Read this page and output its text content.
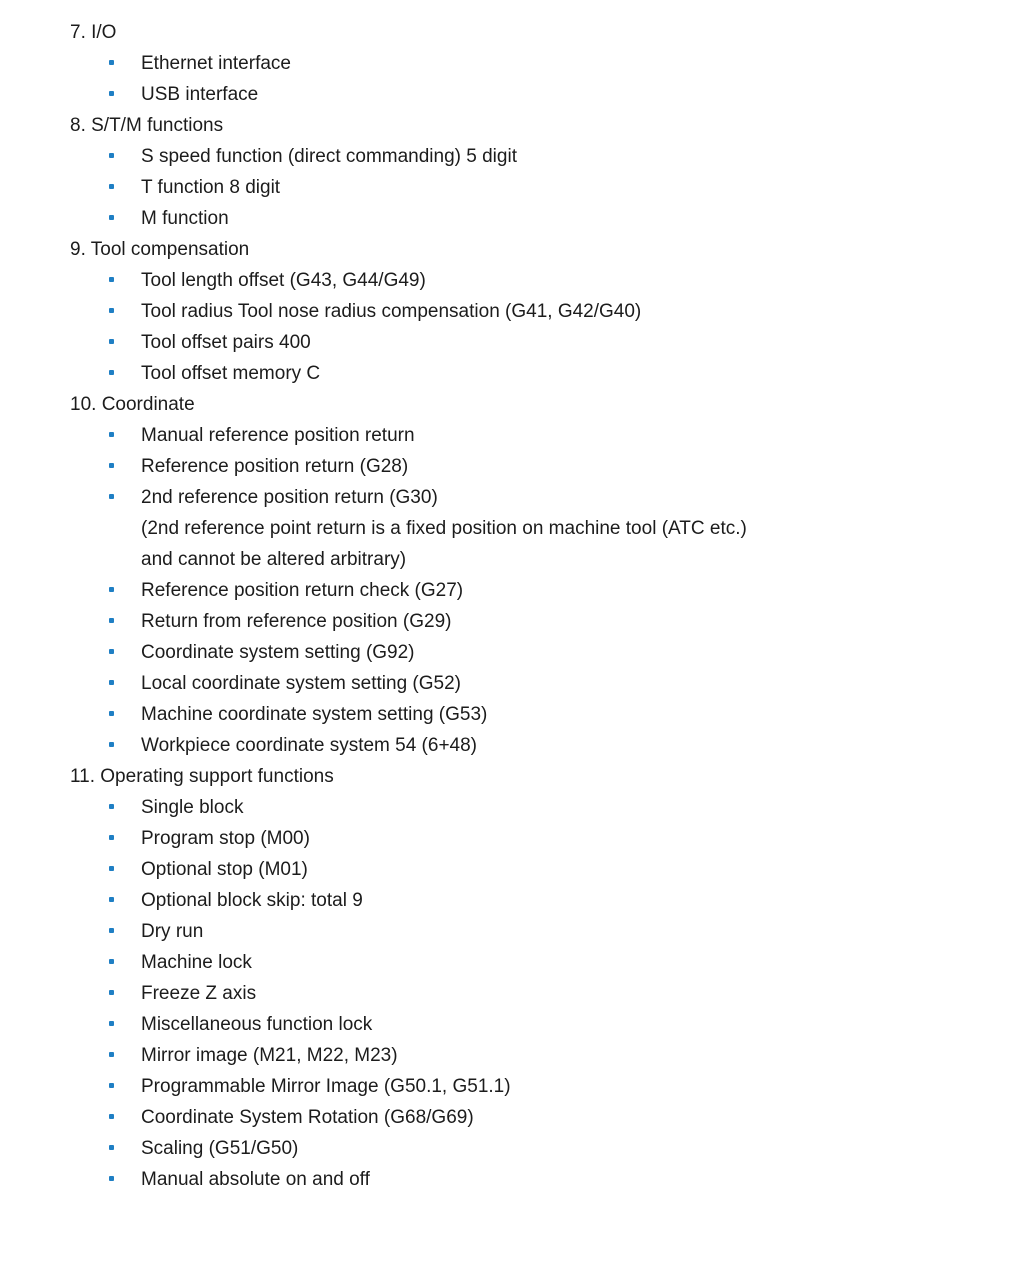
7. I/O
Ethernet interface
USB interface
8. S/T/M functions
S speed function (direct commanding) 5 digit
T function 8 digit
M function
9. Tool compensation
Tool length offset (G43, G44/G49)
Tool radius Tool nose radius compensation (G41, G42/G40)
Tool offset pairs 400
Tool offset memory C
10. Coordinate
Manual reference position return
Reference position return (G28)
2nd reference position return (G30)
(2nd reference point return is a fixed position on machine tool (ATC etc.)
and cannot be altered arbitrary)
Reference position return check (G27)
Return from reference position (G29)
Coordinate system setting (G92)
Local coordinate system setting (G52)
Machine coordinate system setting (G53)
Workpiece coordinate system 54 (6+48)
11. Operating support functions
Single block
Program stop (M00)
Optional stop (M01)
Optional block skip: total 9
Dry run
Machine lock
Freeze Z axis
Miscellaneous function lock
Mirror image (M21, M22, M23)
Programmable Mirror Image (G50.1, G51.1)
Coordinate System Rotation (G68/G69)
Scaling (G51/G50)
Manual absolute on and off
